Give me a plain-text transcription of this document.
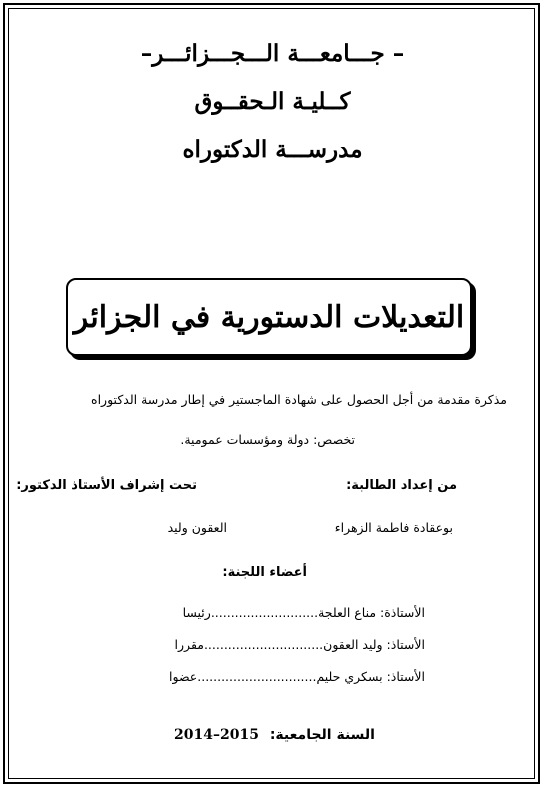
– جـــامعـــة الـــجـــزائـــر–
كــليـة الـحقــوق
مدرســـة الدكتوراه
التعديلات الدستورية في الجزائر
مذكرة مقدمة من أجل الحصول على شهادة الماجستير في إطار مدرسة الدكتوراه
تخصص: دولة ومؤسسات عمومية.
من إعداد الطالبة:
تحت إشراف الأستاذ الدكتور:
بوعقادة فاطمة الزهراء
العقون وليد
أعضاء اللجنة:
الأستاذة: مناع العلجة...........................رئيسا
الأستاذ: وليد العقون..............................مقررا
الأستاذ: بسكري حليم..............................عضوا
السنة الجامعية: 2014–2015
